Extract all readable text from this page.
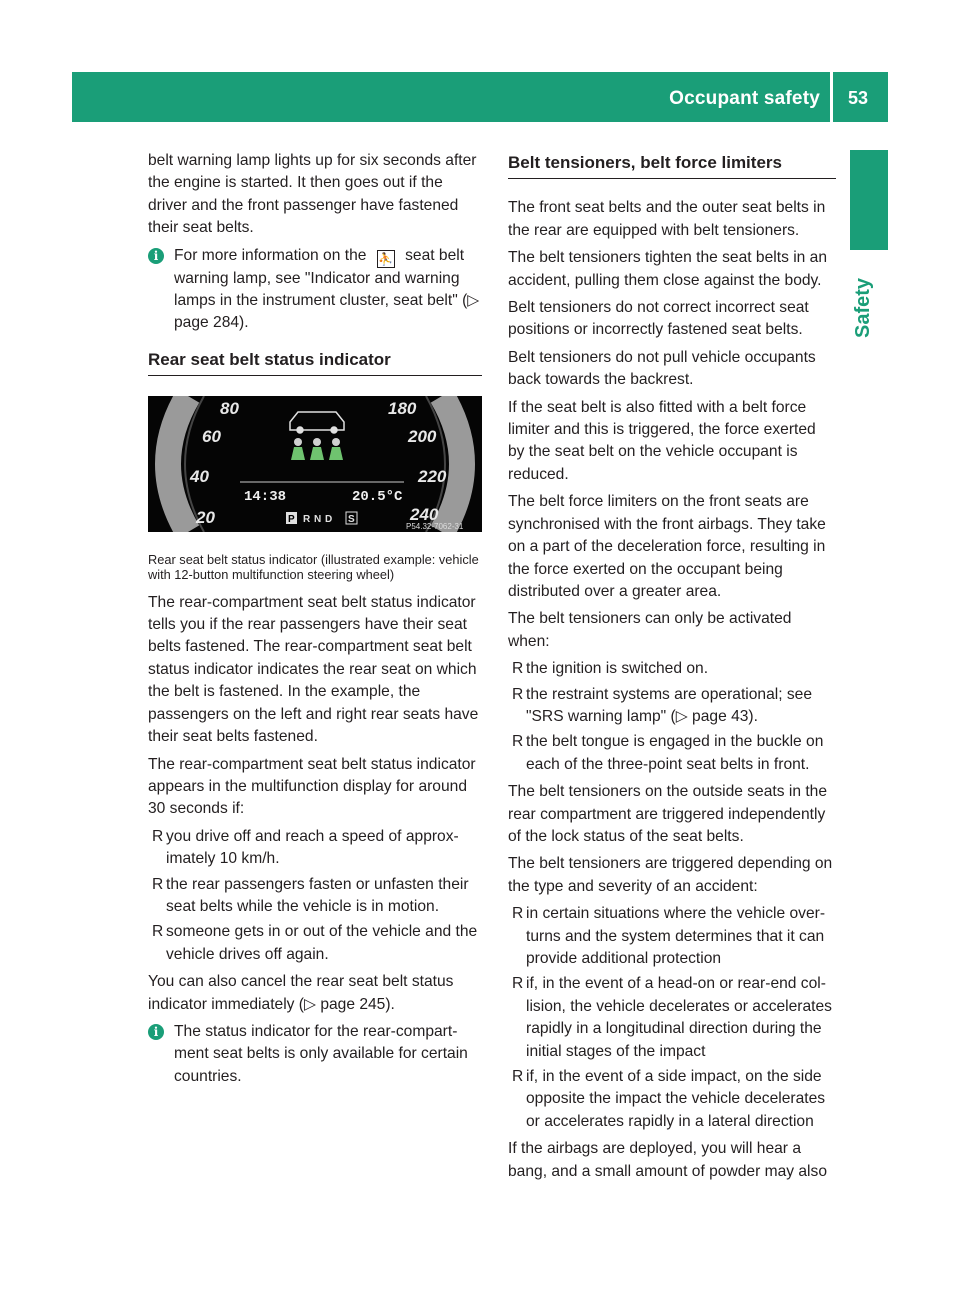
Occupant safety	53
Safety

belt warning lamp lights up for six seconds after the engine is started. It then goes out if the driver and the front passenger have fastened their seat belts.

i	For more information on the ⛹ seat belt warning lamp, see "Indicator and warning lamps in the instrument cluster, seat belt" (▷ page 284).
Rear seat belt status indicator
20
40
60
80	180
200
220
240
14:38	20.5°C
P R N D S
P54.32-7062-31
Rear seat belt status indicator (illustrated example: vehicle with 12-button multifunction steering wheel)

The rear-compartment seat belt status indicator tells you if the rear passengers have their seat belts fastened. The rear-compartment seat belt status indicator indicates the rear seat on which the belt is fastened. In the example, the passengers on the left and right rear seats have their seat belts fastened.

The rear-compartment seat belt status indicator appears in the multifunction display for around 30 seconds if:

R you drive off and reach a speed of approximately 10 km/h.
R the rear passengers fasten or unfasten their seat belts while the vehicle is in motion.
R someone gets in or out of the vehicle and the vehicle drives off again.

You can also cancel the rear seat belt status indicator immediately (▷ page 245).

i	The status indicator for the rear-compartment seat belts is only available for certain countries.
Belt tensioners, belt force limiters

The front seat belts and the outer seat belts in the rear are equipped with belt tensioners.

The belt tensioners tighten the seat belts in an accident, pulling them close against the body.

Belt tensioners do not correct incorrect seat positions or incorrectly fastened seat belts.

Belt tensioners do not pull vehicle occupants back towards the backrest.

If the seat belt is also fitted with a belt force limiter and this is triggered, the force exerted by the seat belt on the vehicle occupant is reduced.

The belt force limiters on the front seats are synchronised with the front airbags. They take on a part of the deceleration force, resulting in the force exerted on the occupant being distributed over a greater area.

The belt tensioners can only be activated when:

R the ignition is switched on.
R the restraint systems are operational; see "SRS warning lamp" (▷ page 43).
R the belt tongue is engaged in the buckle on each of the three-point seat belts in front.

The belt tensioners on the outside seats in the rear compartment are triggered independently of the lock status of the seat belts.

The belt tensioners are triggered depending on the type and severity of an accident:

R in certain situations where the vehicle overturns and the system determines that it can provide additional protection
R if, in the event of a head-on or rear-end collision, the vehicle decelerates or accelerates rapidly in a longitudinal direction during the initial stages of the impact
R if, in the event of a side impact, on the side opposite the impact the vehicle decelerates or accelerates rapidly in a lateral direction

If the airbags are deployed, you will hear a bang, and a small amount of powder may also
